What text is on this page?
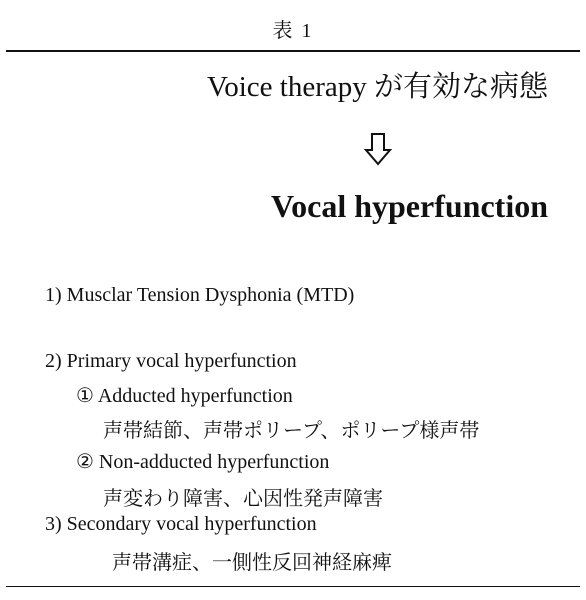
表 1
Voice therapy が有効な病態
Vocal hyperfunction
1) Musclar Tension Dysphonia (MTD)
2) Primary vocal hyperfunction
① Adducted hyperfunction
声帯結節、声帯ポリープ、ポリープ様声帯
② Non-adducted hyperfunction
声変わり障害、心因性発声障害
3) Secondary vocal hyperfunction
声帯溝症、一側性反回神経麻痺
